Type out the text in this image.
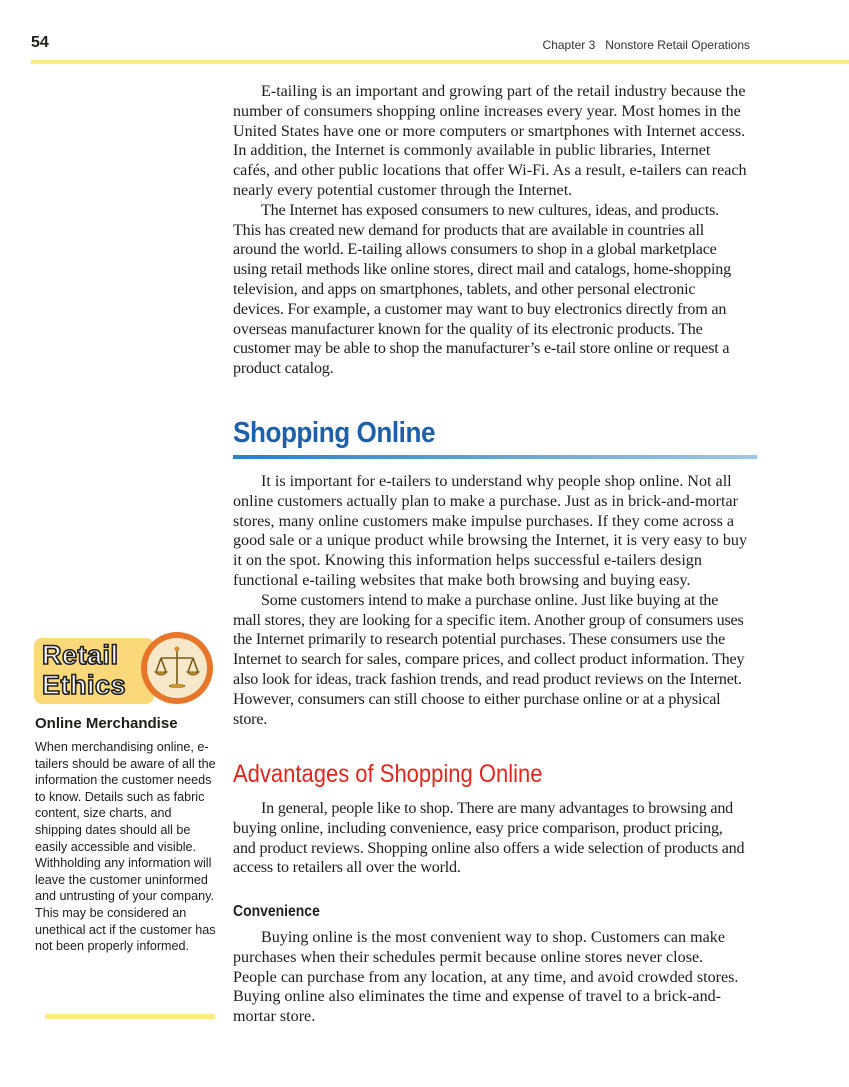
54	Chapter 3 Nonstore Retail Operations

E-tailing is an important and growing part of the retail industry because the number of consumers shopping online increases every year. Most homes in the United States have one or more computers or smartphones with Internet access. In addition, the Internet is commonly available in public libraries, Internet cafés, and other public locations that offer Wi-Fi. As a result, e-tailers can reach nearly every potential customer through the Internet.

The Internet has exposed consumers to new cultures, ideas, and products. This has created new demand for products that are available in countries all around the world. E-tailing allows consumers to shop in a global marketplace using retail methods like online stores, direct mail and catalogs, home-shopping television, and apps on smartphones, tablets, and other personal electronic devices. For example, a customer may want to buy electronics directly from an overseas manufacturer known for the quality of its electronic products. The customer may be able to shop the manufacturer’s e-tail store online or request a product catalog.

Shopping Online

It is important for e-tailers to understand why people shop online. Not all online customers actually plan to make a purchase. Just as in brick-and-mortar stores, many online customers make impulse purchases. If they come across a good sale or a unique product while browsing the Internet, it is very easy to buy it on the spot. Knowing this information helps successful e-tailers design functional e-tailing websites that make both browsing and buying easy.

Some customers intend to make a purchase online. Just like buying at the mall stores, they are looking for a specific item. Another group of consumers uses the Internet primarily to research potential purchases. These consumers use the Internet to search for sales, compare prices, and collect product information. They also look for ideas, track fashion trends, and read product reviews on the Internet. However, consumers can still choose to either purchase online or at a physical store.

Advantages of Shopping Online

In general, people like to shop. There are many advantages to browsing and buying online, including convenience, easy price comparison, product pricing, and product reviews. Shopping online also offers a wide selection of products and access to retailers all over the world.

Convenience

Buying online is the most convenient way to shop. Customers can make purchases when their schedules permit because online stores never close. People can purchase from any location, at any time, and avoid crowded stores. Buying online also eliminates the time and expense of travel to a brick-and-mortar store.

Retail
Ethics
Online Merchandise

When merchandising online, e-tailers should be aware of all the information the customer needs to know. Details such as fabric content, size charts, and shipping dates should all be easily accessible and visible. Withholding any information will leave the customer uninformed and untrusting of your company. This may be considered an unethical act if the customer has not been properly informed.
